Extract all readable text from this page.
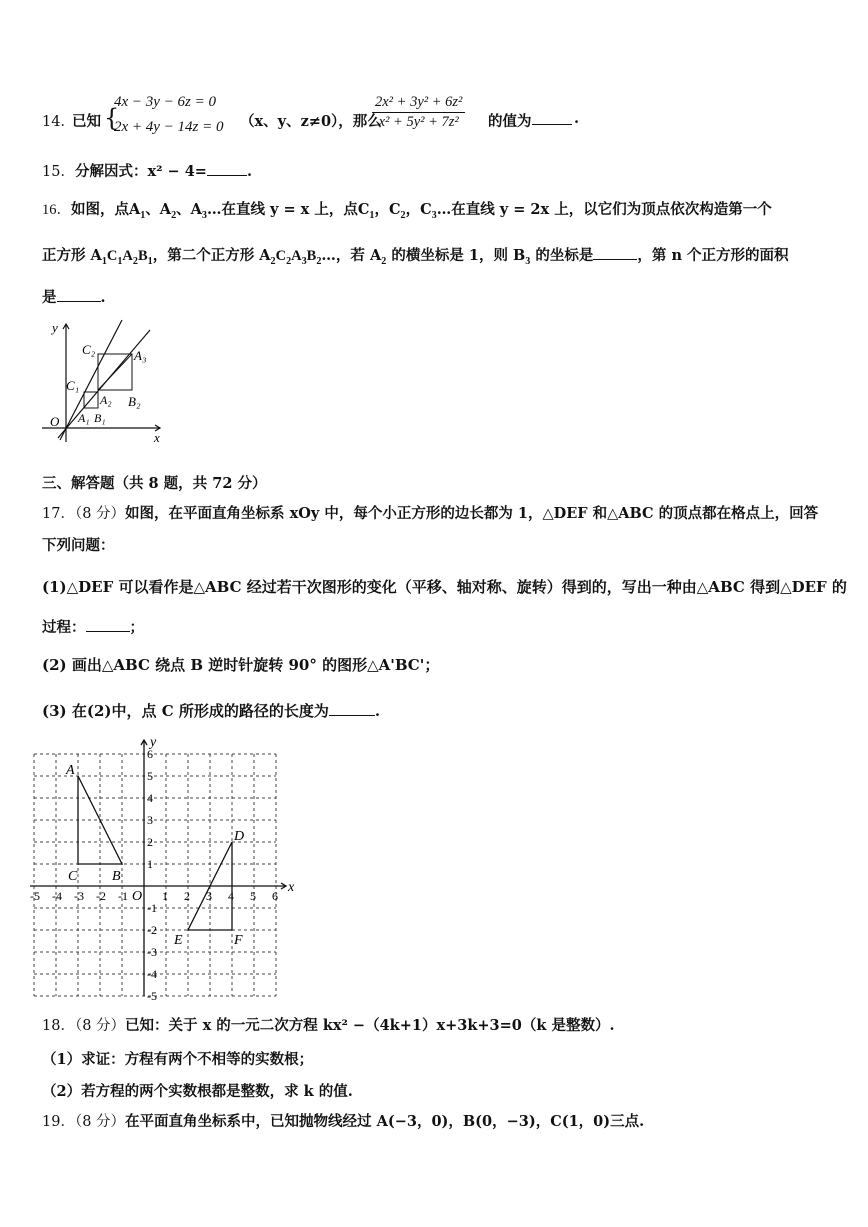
14．
已知 {
4x − 3y − 6z = 0
2x + 4y − 14z = 0 （x、y、z≠0），那么
$\frac{\text{2x² + 3y² + 6z²}}{\text{x² + 5y² + 7z²}}$ 的值为	.
15．分解因式：x² − 4=	.
16．如图，点$A_1$、$A_2$、$A_3\dots$在直线 y = x 上，点$C_1$，$C_2$，$C_3\dots$在直线 y = 2x 上，以它们为顶点依次构造第一个
正方形 $A_1C_1A_2B_1$，第二个正方形 $A_2C_2A_3B_2\dots$，若 $A_2$ 的横坐标是 1，则 $B_3$ 的坐标是	，第 n 个正方形的面积
是	.
y
x
O
C₂	A₃
C₁
A₂ B₂
A₁ B₁
三、解答题（共 8 题，共 72 分）
17．（8 分）如图，在平面直角坐标系 xOy 中，每个小正方形的边长都为 1，△DEF 和△ABC 的顶点都在格点上，回答
下列问题：
(1)△DEF 可以看作是△ABC 经过若干次图形的变化（平移、轴对称、旋转）得到的，写出一种由△ABC 得到△DEF 的
过程：	；
(2) 画出△ABC 绕点 B 逆时针旋转 90° 的图形△A'BC'；
(3) 在(2)中，点 C 所形成的路径的长度为	.
-5 -4 -3 -2 -1	1 2 3 4 5 6
6
5
4
3
2
1
-1
-2
-3
-4
-5
x
y
O
A
B
C
D
E	F
18．（8 分）已知：关于 x 的一元二次方程 kx² −（4k+1）x+3k+3=0（k 是整数）.
（1）求证：方程有两个不相等的实数根；
（2）若方程的两个实数根都是整数，求 k 的值.
19．（8 分）在平面直角坐标系中，已知抛物线经过 A(−3，0)，B(0，−3)，C(1，0)三点.
